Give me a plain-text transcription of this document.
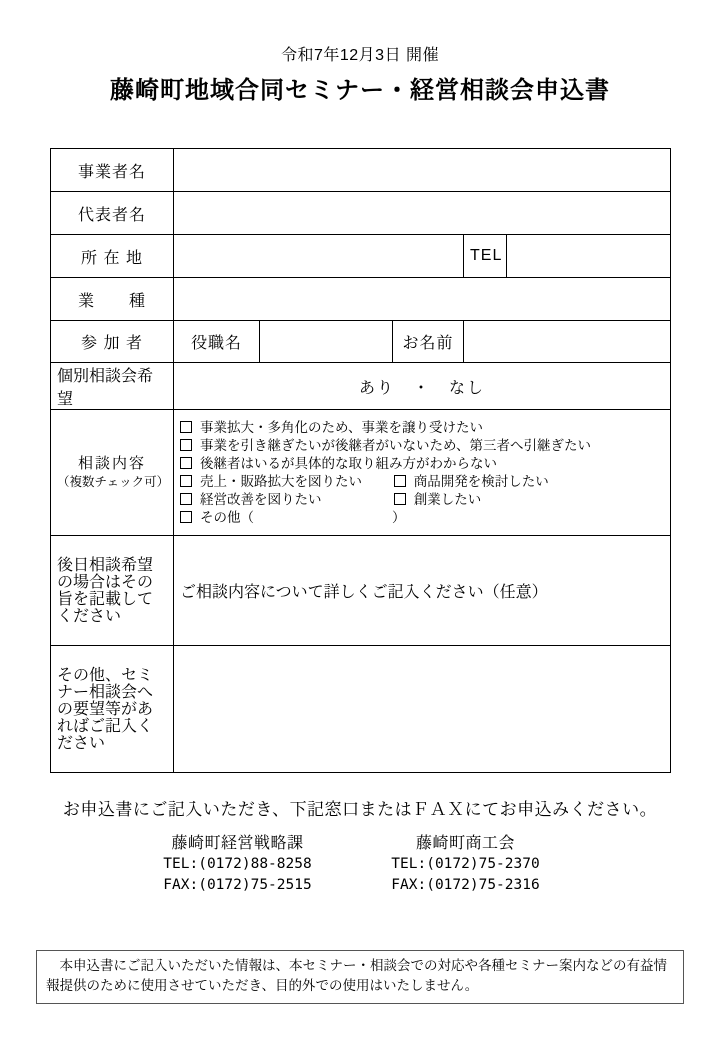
令和7年12月3日 開催
藤崎町地域合同セミナー・経営相談会申込書
事業者名					
代表者名					
所 在 地				TEL	
業　　種					
参 加 者	役職名		お名前		
個別相談会希望	あり　・　なし				

相談内容
（複数チェック可）

事業拡大・多角化のため、事業を譲り受けたい
事業を引き継ぎたいが後継者がいないため、第三者へ引継ぎたい
後継者はいるが具体的な取り組み方がわからない
売上・販路拡大を図りたい	商品開発を検討したい
経営改善を図りたい	創業したい
その他（	）

後日相談希望の場合はその旨を記載してください	ご相談内容について詳しくご記入ください（任意）				
その他、セミナー相談会への要望等があればご記入ください					
お申込書にご記入いただき、下記窓口またはＦＡＸにてお申込みください。
藤崎町経営戦略課
TEL:(0172)88-8258
FAX:(0172)75-2515
藤崎町商工会
TEL:(0172)75-2370
FAX:(0172)75-2316
　本申込書にご記入いただいた情報は、本セミナー・相談会での対応や各種セミナー案内などの有益情報提供のために使用させていただき、目的外での使用はいたしません。
